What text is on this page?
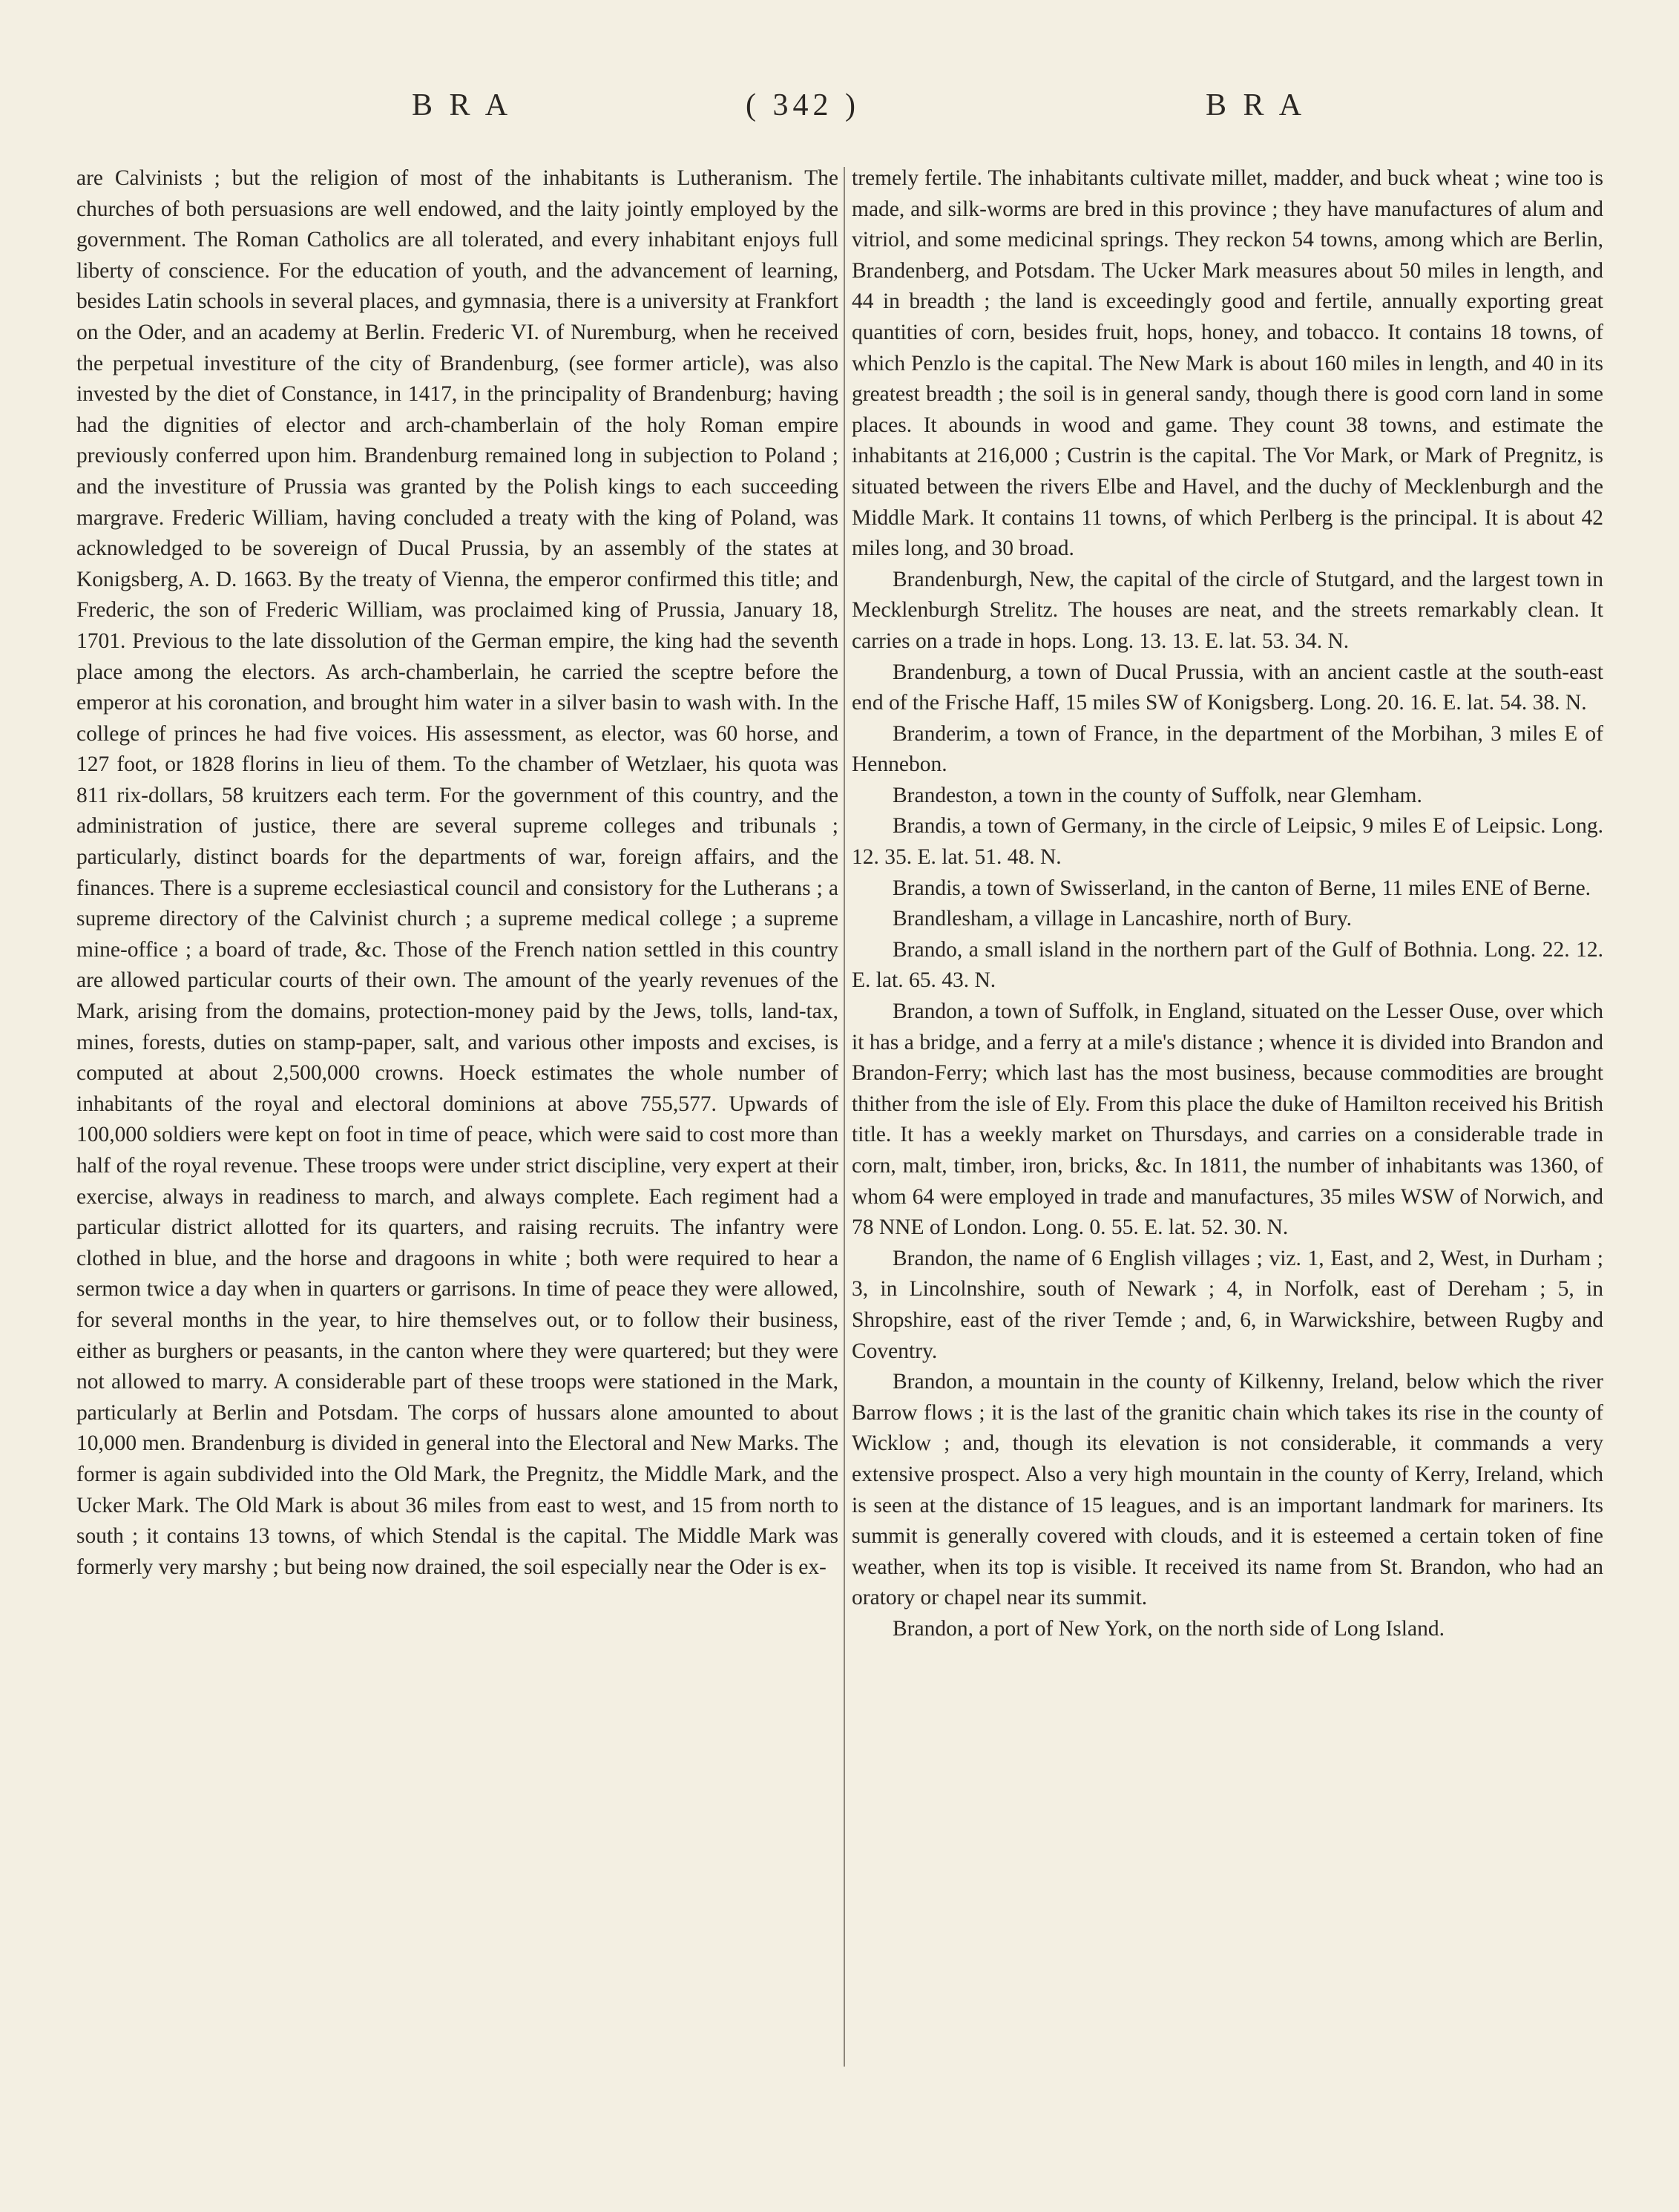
B R A	( 342 )	B R A

are Calvinists ; but the religion of most of the inhabitants is Lutheranism. The churches of both persuasions are well endowed, and the laity jointly employed by the government. The Roman Catholics are all tolerated, and every inhabitant enjoys full liberty of conscience. For the education of youth, and the advancement of learning, besides Latin schools in several places, and gymnasia, there is a university at Frankfort on the Oder, and an academy at Berlin. Frederic VI. of Nuremburg, when he received the perpetual investiture of the city of Brandenburg, (see former article), was also invested by the diet of Constance, in 1417, in the principality of Brandenburg; having had the dignities of elector and arch-chamberlain of the holy Roman empire previously conferred upon him. Brandenburg remained long in subjection to Poland ; and the investiture of Prussia was granted by the Polish kings to each succeeding margrave. Frederic William, having concluded a treaty with the king of Poland, was acknowledged to be sovereign of Ducal Prussia, by an assembly of the states at Konigsberg, A. D. 1663. By the treaty of Vienna, the emperor confirmed this title; and Frederic, the son of Frederic William, was proclaimed king of Prussia, January 18, 1701. Previous to the late dissolution of the German empire, the king had the seventh place among the electors. As arch-chamberlain, he carried the sceptre before the emperor at his coronation, and brought him water in a silver basin to wash with. In the college of princes he had five voices. His assessment, as elector, was 60 horse, and 127 foot, or 1828 florins in lieu of them. To the chamber of Wetzlaer, his quota was 811 rix-dollars, 58 kruitzers each term. For the government of this country, and the administration of justice, there are several supreme colleges and tribunals ; particularly, distinct boards for the departments of war, foreign affairs, and the finances. There is a supreme ecclesiastical council and consistory for the Lutherans ; a supreme directory of the Calvinist church ; a supreme medical college ; a supreme mine-office ; a board of trade, &c. Those of the French nation settled in this country are allowed particular courts of their own. The amount of the yearly revenues of the Mark, arising from the domains, protection-money paid by the Jews, tolls, land-tax, mines, forests, duties on stamp-paper, salt, and various other imposts and excises, is computed at about 2,500,000 crowns. Hoeck estimates the whole number of inhabitants of the royal and electoral dominions at above 755,577. Upwards of 100,000 soldiers were kept on foot in time of peace, which were said to cost more than half of the royal revenue. These troops were under strict discipline, very expert at their exercise, always in readiness to march, and always complete. Each regiment had a particular district allotted for its quarters, and raising recruits. The infantry were clothed in blue, and the horse and dragoons in white ; both were required to hear a sermon twice a day when in quarters or garrisons. In time of peace they were allowed, for several months in the year, to hire themselves out, or to follow their business, either as burghers or peasants, in the canton where they were quartered; but they were not allowed to marry. A considerable part of these troops were stationed in the Mark, particularly at Berlin and Potsdam. The corps of hussars alone amounted to about 10,000 men. Brandenburg is divided in general into the Electoral and New Marks. The former is again subdivided into the Old Mark, the Pregnitz, the Middle Mark, and the Ucker Mark. The Old Mark is about 36 miles from east to west, and 15 from north to south ; it contains 13 towns, of which Stendal is the capital. The Middle Mark was formerly very marshy ; but being now drained, the soil especially near the Oder is ex-

tremely fertile. The inhabitants cultivate millet, madder, and buck wheat ; wine too is made, and silk-worms are bred in this province ; they have manufactures of alum and vitriol, and some medicinal springs. They reckon 54 towns, among which are Berlin, Brandenberg, and Potsdam. The Ucker Mark measures about 50 miles in length, and 44 in breadth ; the land is exceedingly good and fertile, annually exporting great quantities of corn, besides fruit, hops, honey, and tobacco. It contains 18 towns, of which Penzlo is the capital. The New Mark is about 160 miles in length, and 40 in its greatest breadth ; the soil is in general sandy, though there is good corn land in some places. It abounds in wood and game. They count 38 towns, and estimate the inhabitants at 216,000 ; Custrin is the capital. The Vor Mark, or Mark of Pregnitz, is situated between the rivers Elbe and Havel, and the duchy of Mecklenburgh and the Middle Mark. It contains 11 towns, of which Perlberg is the principal. It is about 42 miles long, and 30 broad.

Brandenburgh, New, the capital of the circle of Stutgard, and the largest town in Mecklenburgh Strelitz. The houses are neat, and the streets remarkably clean. It carries on a trade in hops. Long. 13. 13. E. lat. 53. 34. N.

Brandenburg, a town of Ducal Prussia, with an ancient castle at the south-east end of the Frische Haff, 15 miles SW of Konigsberg. Long. 20. 16. E. lat. 54. 38. N.

Branderim, a town of France, in the department of the Morbihan, 3 miles E of Hennebon.

Brandeston, a town in the county of Suffolk, near Glemham.

Brandis, a town of Germany, in the circle of Leipsic, 9 miles E of Leipsic. Long. 12. 35. E. lat. 51. 48. N.

Brandis, a town of Swisserland, in the canton of Berne, 11 miles ENE of Berne.

Brandlesham, a village in Lancashire, north of Bury.

Brando, a small island in the northern part of the Gulf of Bothnia. Long. 22. 12. E. lat. 65. 43. N.

Brandon, a town of Suffolk, in England, situated on the Lesser Ouse, over which it has a bridge, and a ferry at a mile's distance ; whence it is divided into Brandon and Brandon-Ferry; which last has the most business, because commodities are brought thither from the isle of Ely. From this place the duke of Hamilton received his British title. It has a weekly market on Thursdays, and carries on a considerable trade in corn, malt, timber, iron, bricks, &c. In 1811, the number of inhabitants was 1360, of whom 64 were employed in trade and manufactures, 35 miles WSW of Norwich, and 78 NNE of London. Long. 0. 55. E. lat. 52. 30. N.

Brandon, the name of 6 English villages ; viz. 1, East, and 2, West, in Durham ; 3, in Lincolnshire, south of Newark ; 4, in Norfolk, east of Dereham ; 5, in Shropshire, east of the river Temde ; and, 6, in Warwickshire, between Rugby and Coventry.

Brandon, a mountain in the county of Kilkenny, Ireland, below which the river Barrow flows ; it is the last of the granitic chain which takes its rise in the county of Wicklow ; and, though its elevation is not considerable, it commands a very extensive prospect. Also a very high mountain in the county of Kerry, Ireland, which is seen at the distance of 15 leagues, and is an important landmark for mariners. Its summit is generally covered with clouds, and it is esteemed a certain token of fine weather, when its top is visible. It received its name from St. Brandon, who had an oratory or chapel near its summit.

Brandon, a port of New York, on the north side of Long Island.
